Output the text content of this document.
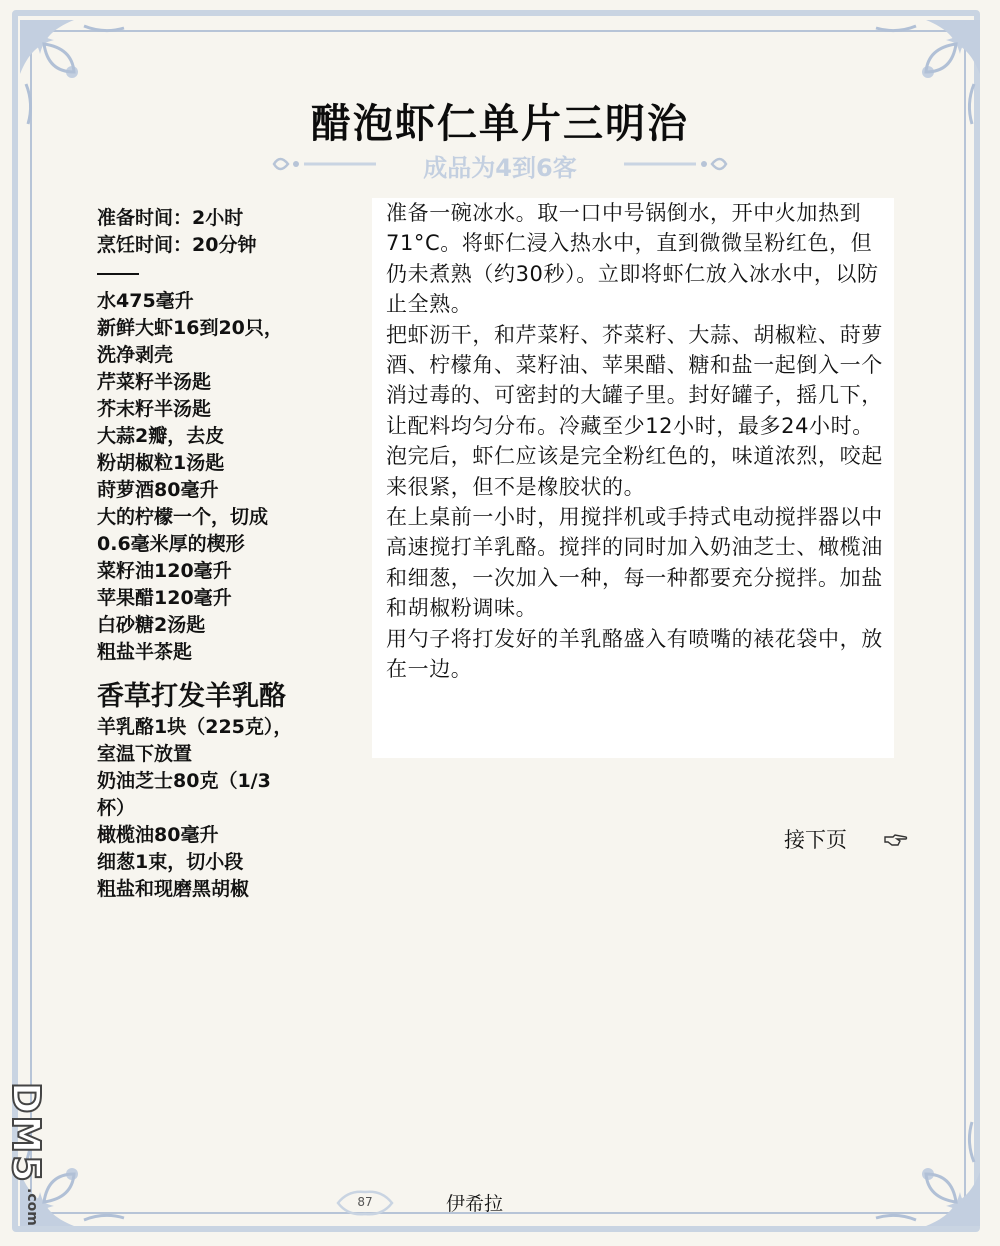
醋泡虾仁单片三明治
成品为4到6客
准备时间：2小时
烹饪时间：20分钟
水475毫升
新鲜大虾16到20只，
洗净剥壳
芹菜籽半汤匙
芥末籽半汤匙
大蒜2瓣，去皮
粉胡椒粒1汤匙
莳萝酒80毫升
大的柠檬一个，切成
0.6毫米厚的楔形
菜籽油120毫升
苹果醋120毫升
白砂糖2汤匙
粗盐半茶匙
香草打发羊乳酪
羊乳酪1块（225克），
室温下放置
奶油芝士80克（1/3
杯）
橄榄油80毫升
细葱1束，切小段
粗盐和现磨黑胡椒
准备一碗冰水。取一口中号锅倒水，开中火加热到71°C。将虾仁浸入热水中，直到微微呈粉红色，但仍未煮熟（约30秒）。立即将虾仁放入冰水中，以防止全熟。
把虾沥干，和芹菜籽、芥菜籽、大蒜、胡椒粒、莳萝酒、柠檬角、菜籽油、苹果醋、糖和盐一起倒入一个消过毒的、可密封的大罐子里。封好罐子，摇几下，让配料均匀分布。冷藏至少12小时，最多24小时。
泡完后，虾仁应该是完全粉红色的，味道浓烈，咬起来很紧，但不是橡胶状的。
在上桌前一小时，用搅拌机或手持式电动搅拌器以中高速搅打羊乳酪。搅拌的同时加入奶油芝士、橄榄油和细葱，一次加入一种，每一种都要充分搅拌。加盐和胡椒粉调味。
用勺子将打发好的羊乳酪盛入有喷嘴的裱花袋中，放在一边。
接下页
87	伊希拉
DM5
.com
